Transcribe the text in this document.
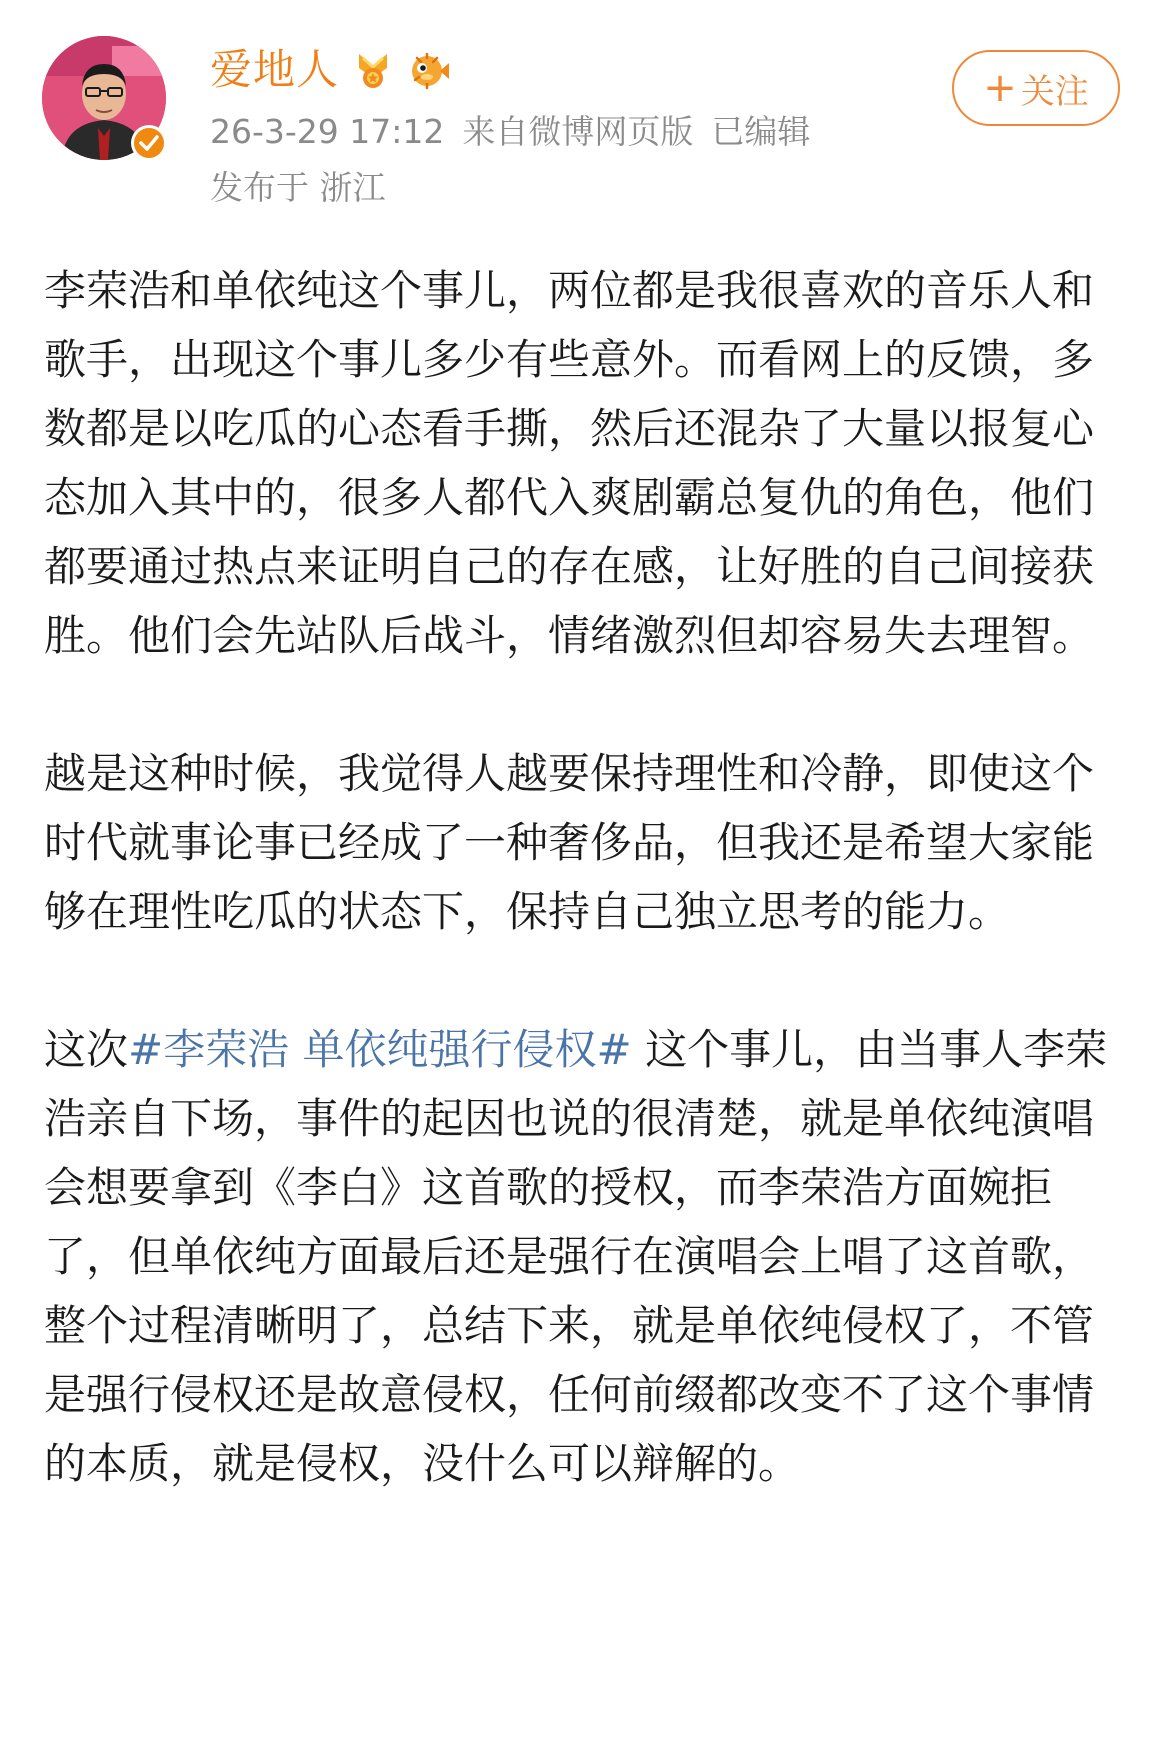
爱地人
26-3-29 17:12 来自微博网页版 已编辑
发布于 浙江
+ 关注

李荣浩和单依纯这个事儿，两位都是我很喜欢的音乐人和歌手，出现这个事儿多少有些意外。而看网上的反馈，多数都是以吃瓜的心态看手撕，然后还混杂了大量以报复心态加入其中的，很多人都代入爽剧霸总复仇的角色，他们都要通过热点来证明自己的存在感，让好胜的自己间接获胜。他们会先站队后战斗，情绪激烈但却容易失去理智。

越是这种时候，我觉得人越要保持理性和冷静，即使这个时代就事论事已经成了一种奢侈品，但我还是希望大家能够在理性吃瓜的状态下，保持自己独立思考的能力。

这次#李荣浩 单依纯强行侵权# 这个事儿，由当事人李荣浩亲自下场，事件的起因也说的很清楚，就是单依纯演唱会想要拿到《李白》这首歌的授权，而李荣浩方面婉拒了，但单依纯方面最后还是强行在演唱会上唱了这首歌，整个过程清晰明了，总结下来，就是单依纯侵权了，不管是强行侵权还是故意侵权，任何前缀都改变不了这个事情的本质，就是侵权，没什么可以辩解的。
